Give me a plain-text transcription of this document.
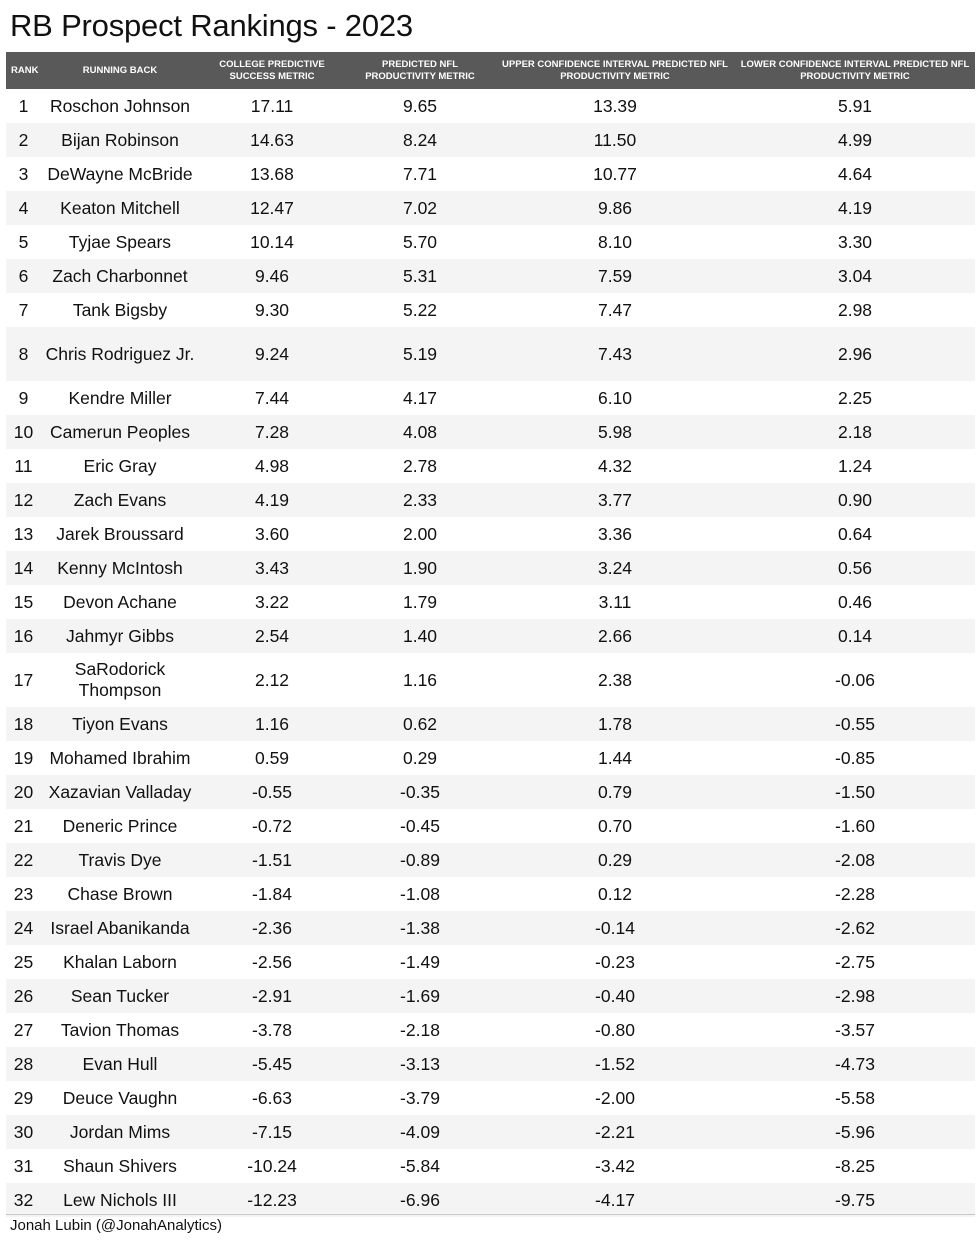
RB Prospect Rankings - 2023
RANK	RUNNING BACK	COLLEGE PREDICTIVE SUCCESS METRIC	PREDICTED NFL PRODUCTIVITY METRIC	UPPER CONFIDENCE INTERVAL PREDICTED NFL PRODUCTIVITY METRIC	LOWER CONFIDENCE INTERVAL PREDICTED NFL PRODUCTIVITY METRIC
1	Roschon Johnson	17.11	9.65	13.39	5.91
2	Bijan Robinson	14.63	8.24	11.50	4.99
3	DeWayne McBride	13.68	7.71	10.77	4.64
4	Keaton Mitchell	12.47	7.02	9.86	4.19
5	Tyjae Spears	10.14	5.70	8.10	3.30
6	Zach Charbonnet	9.46	5.31	7.59	3.04
7	Tank Bigsby	9.30	5.22	7.47	2.98
8	Chris Rodriguez Jr.	9.24	5.19	7.43	2.96
9	Kendre Miller	7.44	4.17	6.10	2.25
10	Camerun Peoples	7.28	4.08	5.98	2.18
11	Eric Gray	4.98	2.78	4.32	1.24
12	Zach Evans	4.19	2.33	3.77	0.90
13	Jarek Broussard	3.60	2.00	3.36	0.64
14	Kenny McIntosh	3.43	1.90	3.24	0.56
15	Devon Achane	3.22	1.79	3.11	0.46
16	Jahmyr Gibbs	2.54	1.40	2.66	0.14
17	SaRodorick Thompson	2.12	1.16	2.38	-0.06
18	Tiyon Evans	1.16	0.62	1.78	-0.55
19	Mohamed Ibrahim	0.59	0.29	1.44	-0.85
20	Xazavian Valladay	-0.55	-0.35	0.79	-1.50
21	Deneric Prince	-0.72	-0.45	0.70	-1.60
22	Travis Dye	-1.51	-0.89	0.29	-2.08
23	Chase Brown	-1.84	-1.08	0.12	-2.28
24	Israel Abanikanda	-2.36	-1.38	-0.14	-2.62
25	Khalan Laborn	-2.56	-1.49	-0.23	-2.75
26	Sean Tucker	-2.91	-1.69	-0.40	-2.98
27	Tavion Thomas	-3.78	-2.18	-0.80	-3.57
28	Evan Hull	-5.45	-3.13	-1.52	-4.73
29	Deuce Vaughn	-6.63	-3.79	-2.00	-5.58
30	Jordan Mims	-7.15	-4.09	-2.21	-5.96
31	Shaun Shivers	-10.24	-5.84	-3.42	-8.25
32	Lew Nichols III	-12.23	-6.96	-4.17	-9.75
Jonah Lubin (@JonahAnalytics)
